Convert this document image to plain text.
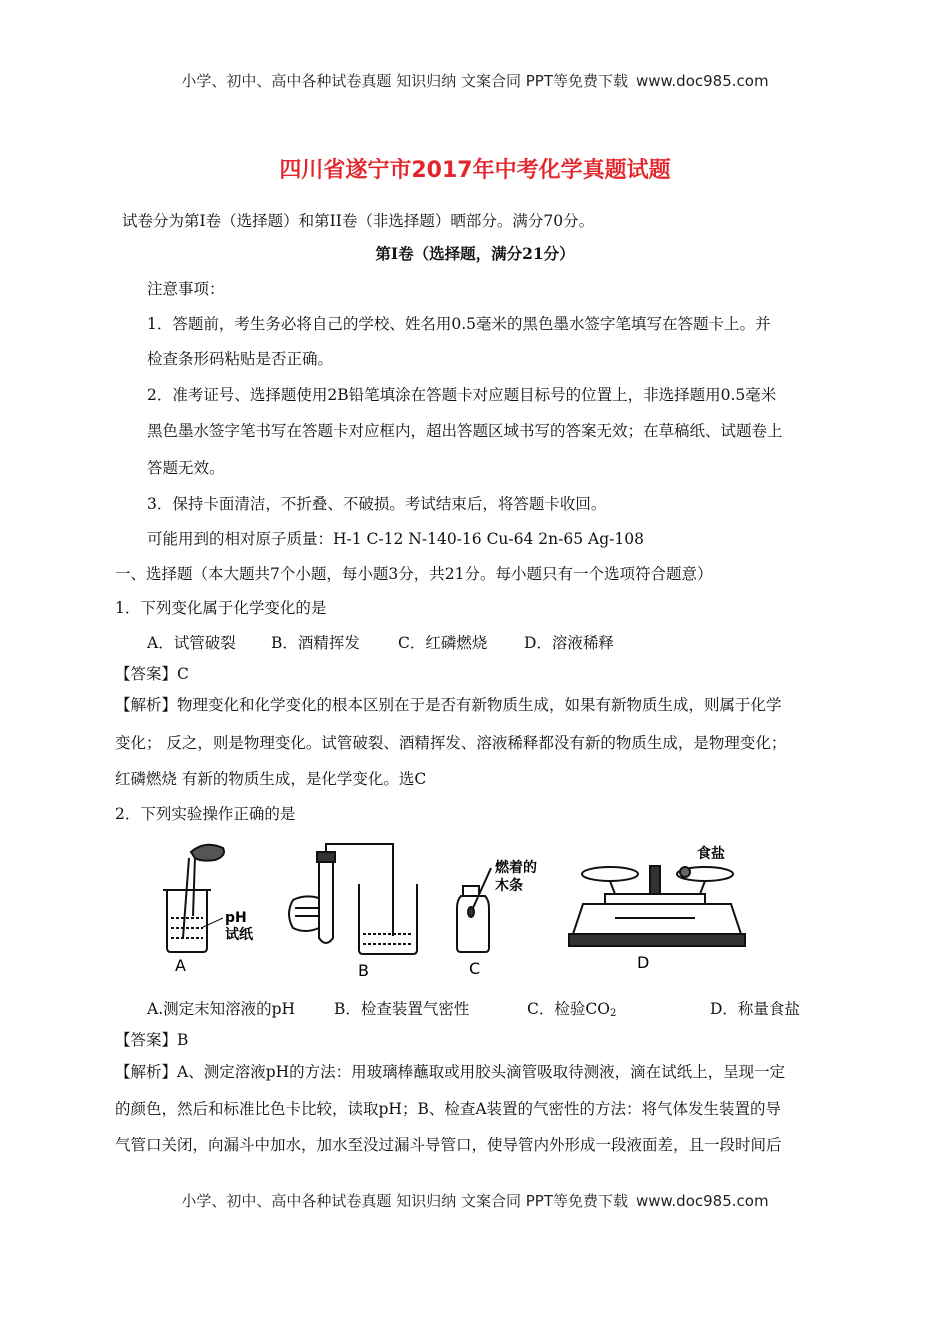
小学、初中、高中各种试卷真题 知识归纳 文案合同 PPT等免费下载 www.doc985.com
四川省遂宁市2017年中考化学真题试题
试卷分为第I卷（选择题）和第II卷（非选择题）晒部分。满分70分。
第I卷（选择题，满分21分）
注意事项：
1．答题前，考生务必将自己的学校、姓名用0.5毫米的黑色墨水签字笔填写在答题卡上。并
检查条形码粘贴是否正确。
2．准考证号、选择题使用2B铅笔填涂在答题卡对应题目标号的位置上，非选择题用0.5毫米
黑色墨水签字笔书写在答题卡对应框内，超出答题区域书写的答案无效；在草稿纸、试题卷上
答题无效。
3．保持卡面清洁，不折叠、不破损。考试结束后，将答题卡收回。
可能用到的相对原子质量：H-1 C-12 N-140-16 Cu-64 2n-65 Ag-108
一、选择题（本大题共7个小题，每小题3分，共21分。每小题只有一个选项符合题意）
1．下列变化属于化学变化的是
A．试管破裂 B．酒精挥发 C．红磷燃烧 D．溶液稀释
【答案】C
【解析】物理变化和化学变化的根本区别在于是否有新物质生成，如果有新物质生成，则属于化学
变化； 反之，则是物理变化。试管破裂、酒精挥发、溶液稀释都没有新的物质生成，是物理变化；
红磷燃烧 有新的物质生成，是化学变化。选C
2．下列实验操作正确的是
pH
试纸
A	B
燃着的
木条
C
食盐
D
A.测定末知溶液的pH	B．检查装置气密性	C．检验$CO_2$	D．称量食盐
【答案】B
【解析】A、测定溶液pH的方法：用玻璃棒蘸取或用胶头滴管吸取待测液，滴在试纸上，呈现一定
的颜色，然后和标准比色卡比较，读取pH；B、检查A装置的气密性的方法：将气体发生装置的导
气管口关闭，向漏斗中加水，加水至没过漏斗导管口，使导管内外形成一段液面差，且一段时间后
小学、初中、高中各种试卷真题 知识归纳 文案合同 PPT等免费下载 www.doc985.com
